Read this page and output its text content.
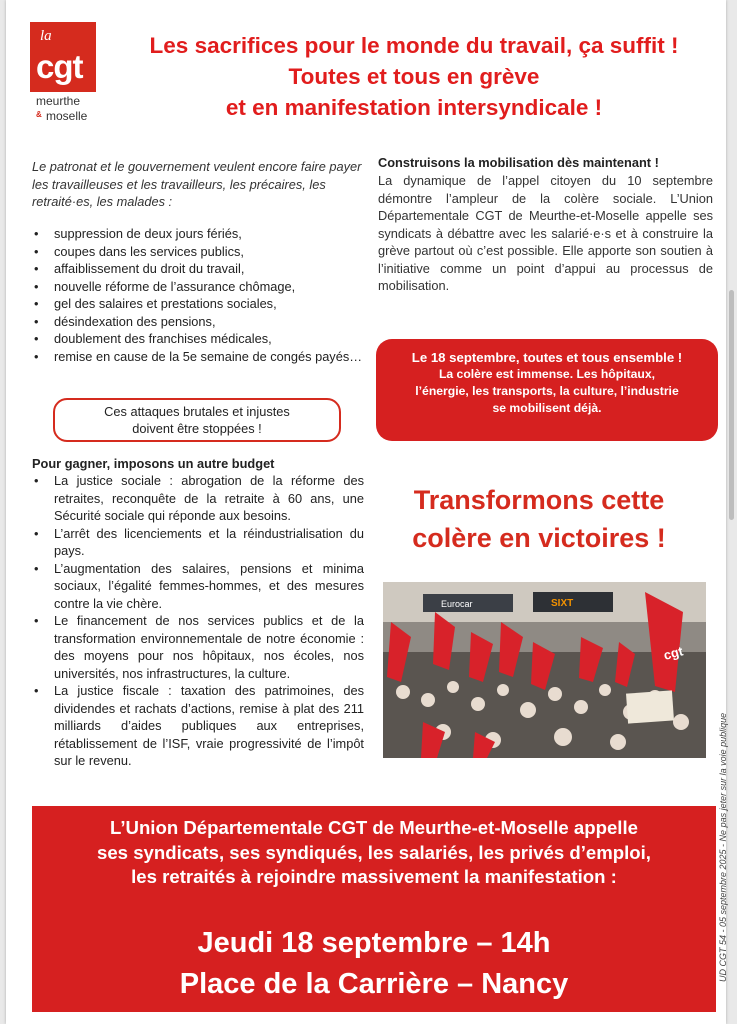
la
cgt
meurthe
& moselle
Les sacrifices pour le monde du travail, ça suffit !
Toutes et tous en grève
et en manifestation intersyndicale !
Le patronat et le gouvernement veulent encore faire payer les travailleuses et les travailleurs, les précaires, les retraité·es, les malades :
• suppression de deux jours fériés,
• coupes dans les services publics,
• affaiblissement du droit du travail,
• nouvelle réforme de l’assurance chômage,
• gel des salaires et prestations sociales,
• désindexation des pensions,
• doublement des franchises médicales,
• remise en cause de la 5e semaine de congés payés…
Ces attaques brutales et injustes
doivent être stoppées !
Pour gagner, imposons un autre budget
• La justice sociale : abrogation de la réforme des retraites, reconquête de la retraite à 60 ans, une Sécurité sociale qui réponde aux besoins.
• L’arrêt des licenciements et la réindustrialisation du pays.
• L’augmentation des salaires, pensions et minima sociaux, l’égalité femmes-hommes, et des mesures contre la vie chère.
• Le financement de nos services publics et de la transformation environnementale de notre économie : des moyens pour nos hôpitaux, nos écoles, nos universités, nos infrastructures, la culture.
• La justice fiscale : taxation des patrimoines, des dividendes et rachats d’actions, remise à plat des 211 milliards d’aides publiques aux entreprises, rétablissement de l’ISF, vraie progressivité de l’impôt sur le revenu.
Construisons la mobilisation dès maintenant !
La dynamique de l’appel citoyen du 10 septembre démontre l’ampleur de la colère sociale. L’Union Départementale CGT de Meurthe-et-Moselle appelle ses syndicats à débattre avec les salarié·e·s et à construire la grève partout où c’est possible. Elle apporte son soutien à l’initiative comme un point d’appui au processus de mobilisation.
Le 18 septembre, toutes et tous ensemble !
La colère est immense. Les hôpitaux,
l’énergie, les transports, la culture, l’industrie
se mobilisent déjà.
Transformons cette
colère en victoires !
Eurocar	SIXT
cgt
L’Union Départementale CGT de Meurthe-et-Moselle appelle
ses syndicats, ses syndiqués, les salariés, les privés d’emploi,
les retraités à rejoindre massivement la manifestation :
Jeudi 18 septembre – 14h
Place de la Carrière – Nancy
UD CGT 54 - 05 septembre 2025 - Ne pas jeter sur la voie publique
